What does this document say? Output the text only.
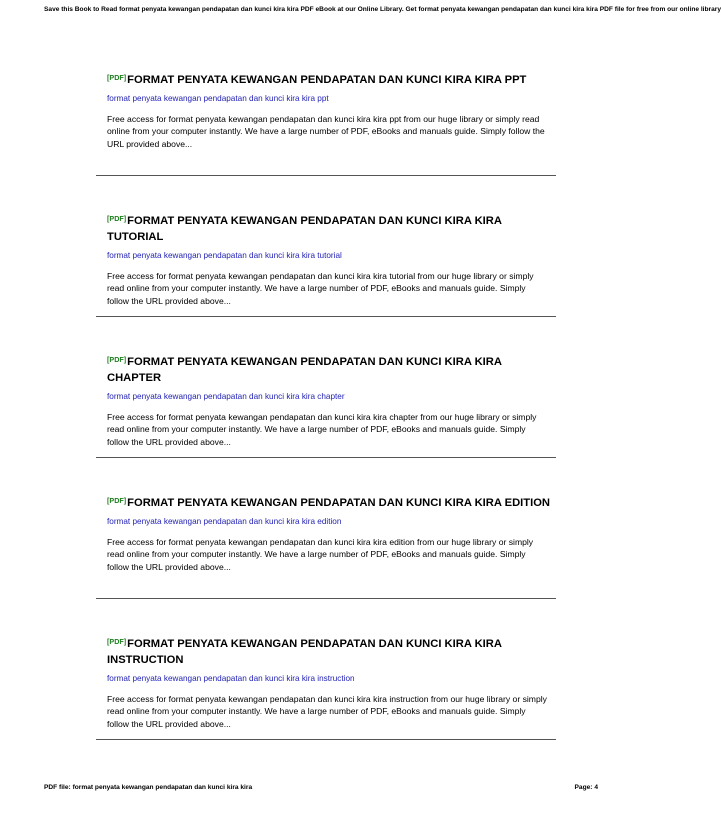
Save this Book to Read format penyata kewangan pendapatan dan kunci kira kira PDF eBook at our Online Library. Get format penyata kewangan pendapatan dan kunci kira kira PDF file for free from our online library

[PDF]FORMAT PENYATA KEWANGAN PENDAPATAN DAN KUNCI KIRA KIRA PPT

format penyata kewangan pendapatan dan kunci kira kira ppt
Free access for format penyata kewangan pendapatan dan kunci kira kira ppt from our huge library or simply read online from your computer instantly. We have a large number of PDF, eBooks and manuals guide. Simply follow the URL provided above...

[PDF]FORMAT PENYATA KEWANGAN PENDAPATAN DAN KUNCI KIRA KIRA TUTORIAL

format penyata kewangan pendapatan dan kunci kira kira tutorial
Free access for format penyata kewangan pendapatan dan kunci kira kira tutorial from our huge library or simply read online from your computer instantly. We have a large number of PDF, eBooks and manuals guide. Simply follow the URL provided above...

[PDF]FORMAT PENYATA KEWANGAN PENDAPATAN DAN KUNCI KIRA KIRA CHAPTER

format penyata kewangan pendapatan dan kunci kira kira chapter
Free access for format penyata kewangan pendapatan dan kunci kira kira chapter from our huge library or simply read online from your computer instantly. We have a large number of PDF, eBooks and manuals guide. Simply follow the URL provided above...

[PDF]FORMAT PENYATA KEWANGAN PENDAPATAN DAN KUNCI KIRA KIRA EDITION

format penyata kewangan pendapatan dan kunci kira kira edition
Free access for format penyata kewangan pendapatan dan kunci kira kira edition from our huge library or simply read online from your computer instantly. We have a large number of PDF, eBooks and manuals guide. Simply follow the URL provided above...

[PDF]FORMAT PENYATA KEWANGAN PENDAPATAN DAN KUNCI KIRA KIRA INSTRUCTION

format penyata kewangan pendapatan dan kunci kira kira instruction
Free access for format penyata kewangan pendapatan dan kunci kira kira instruction from our huge library or simply read online from your computer instantly. We have a large number of PDF, eBooks and manuals guide. Simply follow the URL provided above...
PDF file: format penyata kewangan pendapatan dan kunci kira kira	Page: 4
